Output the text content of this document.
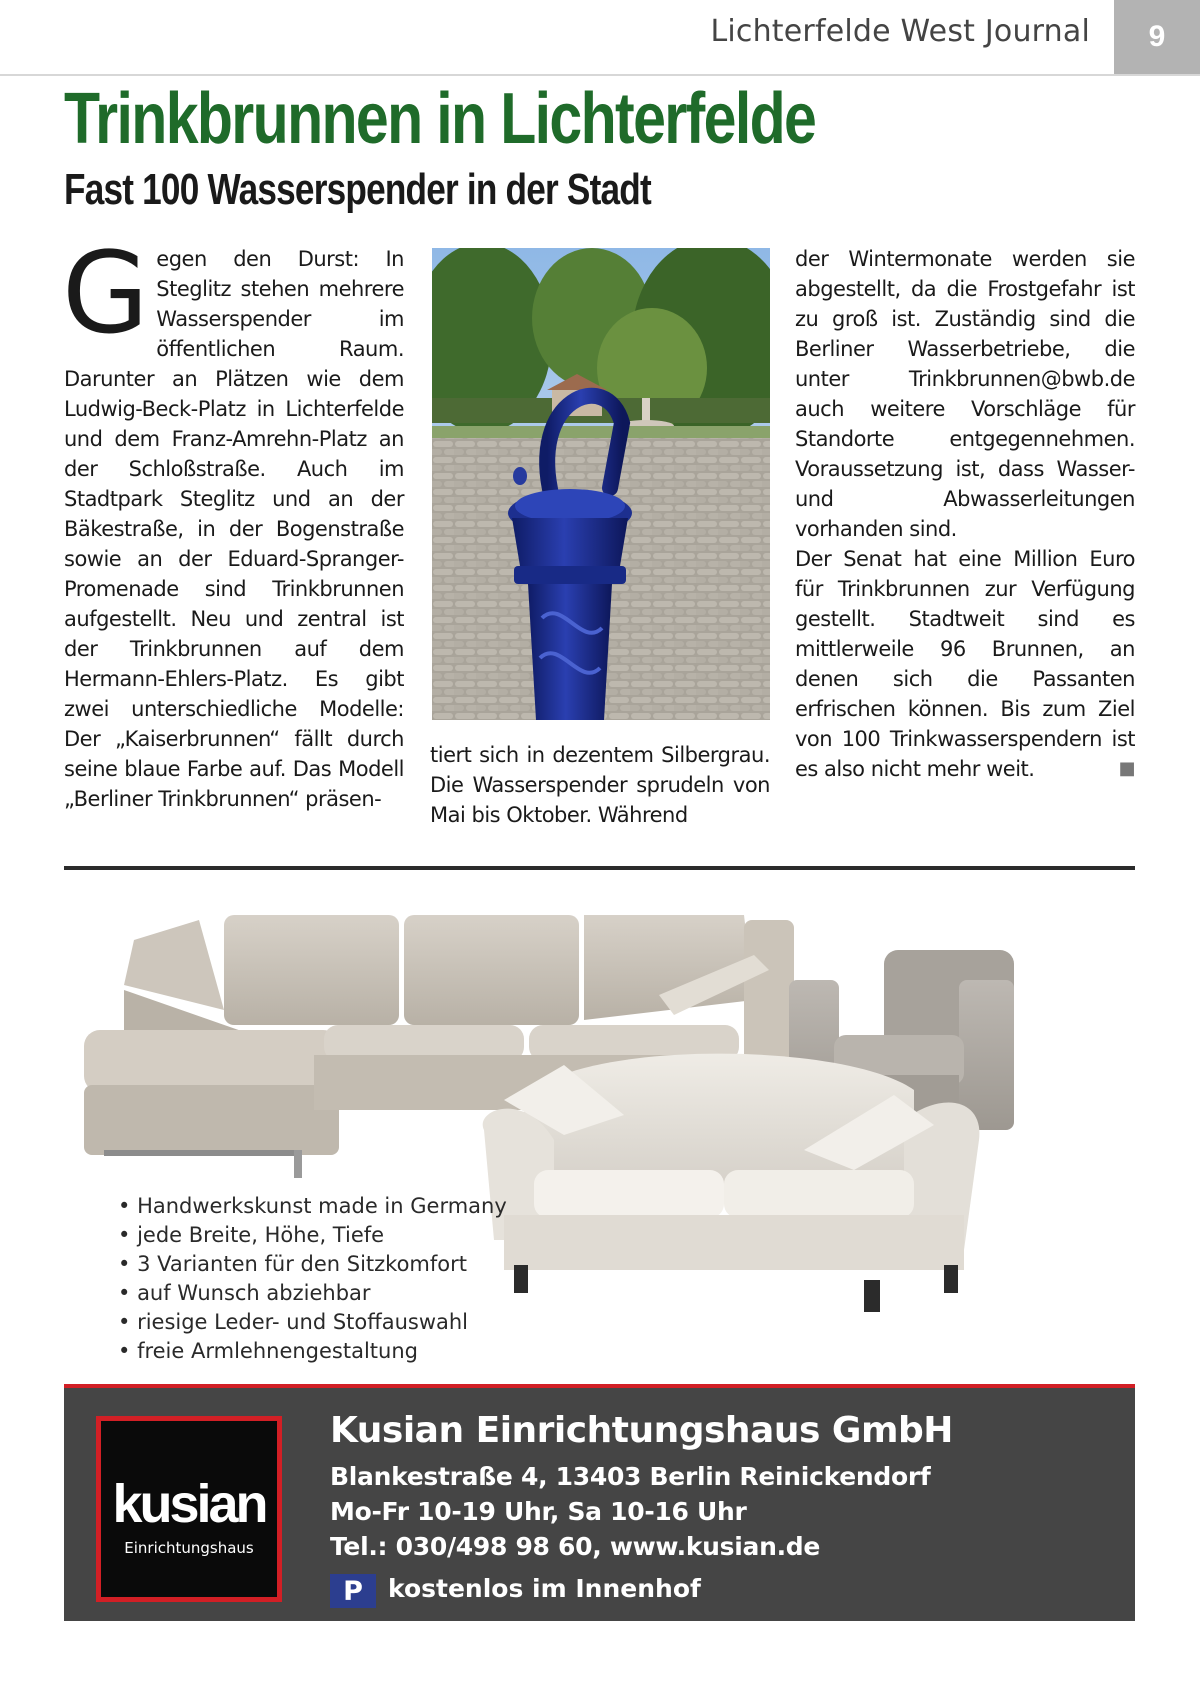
Lichterfelde West Journal	9
Trinkbrunnen in Lichterfelde
Fast 100 Wasserspender in der Stadt
Gegen den Durst: In Steglitz stehen mehrere Wasserspender im öffentlichen Raum. Darunter an Plätzen wie dem Ludwig-Beck-Platz in Lichterfelde und dem Franz-Amrehn-Platz an der Schloßstraße. Auch im Stadtpark Steglitz und an der Bäkestraße, in der Bogenstraße sowie an der Eduard-Spranger-Promenade sind Trinkbrunnen aufgestellt. Neu und zentral ist der Trinkbrunnen auf dem Hermann-Ehlers-Platz. Es gibt zwei unterschiedliche Modelle: Der „Kaiserbrunnen“ fällt durch seine blaue Farbe auf. Das Modell „Berliner Trinkbrunnen“ präsen-
tiert sich in dezentem Silbergrau. Die Wasserspender sprudeln von Mai bis Oktober. Während
der Wintermonate werden sie abgestellt, da die Frostgefahr ist zu groß ist. Zuständig sind die Berliner Wasserbetriebe, die unter Trinkbrunnen@bwb.de auch weitere Vorschläge für Standorte entgegennehmen. Voraussetzung ist, dass Wasser- und Abwasserleitungen vorhanden sind.
Der Senat hat eine Million Euro für Trinkbrunnen zur Verfügung gestellt. Stadtweit sind es mittlerweile 96 Brunnen, an denen sich die Passanten erfrischen können. Bis zum Ziel von 100 Trinkwasserspendern ist es also nicht mehr weit.	■
• Handwerkskunst made in Germany
• jede Breite, Höhe, Tiefe
• 3 Varianten für den Sitzkomfort
• auf Wunsch abziehbar
• riesige Leder- und Stoffauswahl
• freie Armlehnengestaltung
kusian
Einrichtungshaus
Kusian Einrichtungshaus GmbH
Blankestraße 4, 13403 Berlin Reinickendorf
Mo-Fr 10-19 Uhr, Sa 10-16 Uhr
Tel.: 030/498 98 60, www.kusian.de
P	kostenlos im Innenhof
